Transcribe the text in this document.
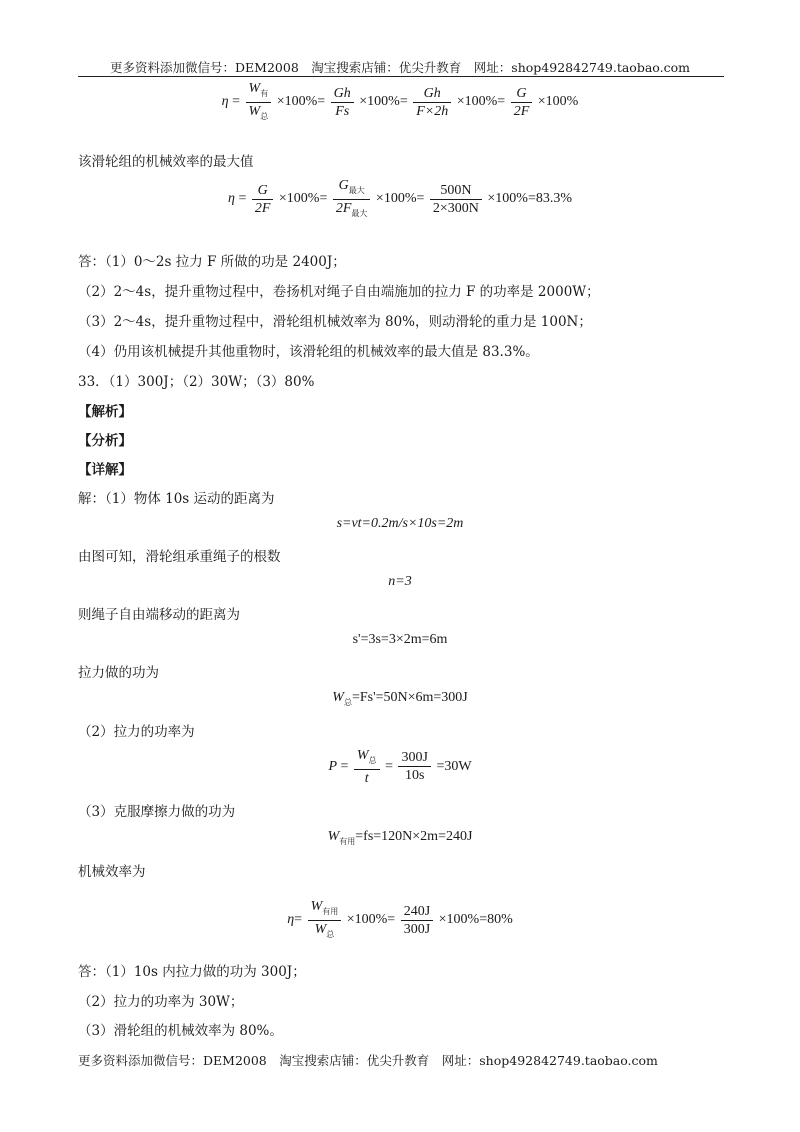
更多资料添加微信号：DEM2008　淘宝搜索店铺：优尖升教育　网址：shop492842749.taobao.com
$\eta = \frac{W_有}{W_总} \times 100\%= \frac{Gh}{Fs} \times 100\%= \frac{Gh}{F\times 2h} \times 100\%= \frac{G}{2F} \times 100\%$
该滑轮组的机械效率的最大值
$\eta = \frac{G}{2F} \times 100\%= \frac{G_{最大}}{2F_{最大}} \times 100\%= \frac{500N}{2\times 300N} \times 100\%=83.3\%$
答：（1）0～2s 拉力 F 所做的功是 2400J；
（2）2～4s，提升重物过程中，卷扬机对绳子自由端施加的拉力 F 的功率是 2000W；
（3）2～4s，提升重物过程中，滑轮组机械效率为 80%，则动滑轮的重力是 100N；
（4）仍用该机械提升其他重物时，该滑轮组的机械效率的最大值是 83.3%。
33．（1）300J；（2）30W；（3）80%
【解析】
【分析】
【详解】
解：（1）物体 10s 运动的距离为
s=vt=0.2m/s×10s=2m
由图可知，滑轮组承重绳子的根数
n=3
则绳子自由端移动的距离为
s'=3s=3×2m=6m
拉力做的功为
$W_总=Fs'=50N\times 6m=300J$
（2）拉力的功率为
$P = \frac{W_总}{t} = \frac{300J}{10s} =30W$
（3）克服摩擦力做的功为
$W_{有用}=fs=120N\times 2m=240J$
机械效率为
$\eta= \frac{W_{有用}}{W_总} \times 100\%= \frac{240J}{300J} \times 100\%=80\%$
答：（1）10s 内拉力做的功为 300J；
（2）拉力的功率为 30W；
（3）滑轮组的机械效率为 80%。
更多资料添加微信号：DEM2008　淘宝搜索店铺：优尖升教育　网址：shop492842749.taobao.com
